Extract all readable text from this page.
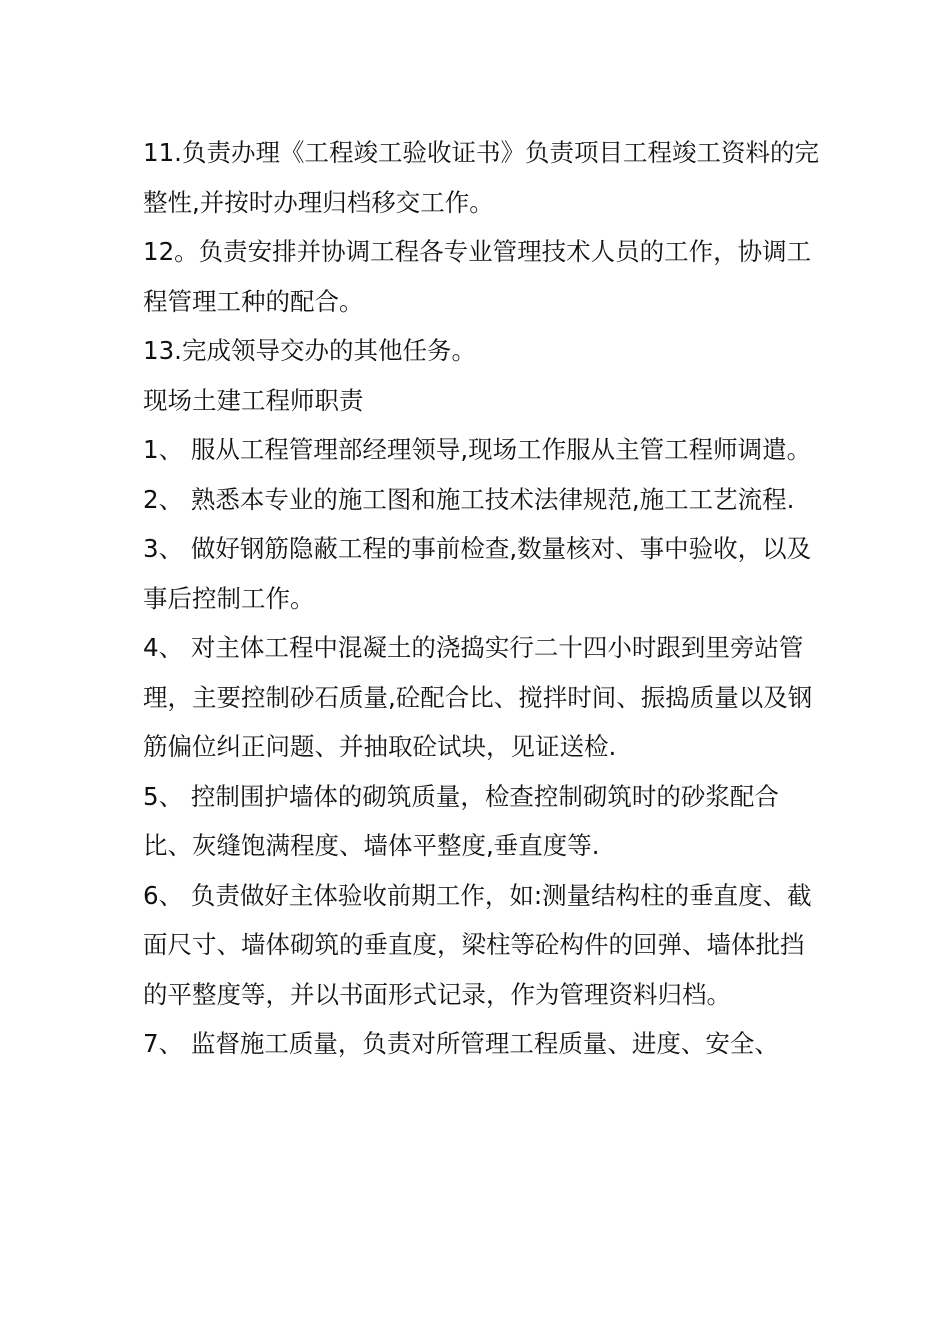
11.负责办理《工程竣工验收证书》负责项目工程竣工资料的完整性,并按时办理归档移交工作。

12。负责安排并协调工程各专业管理技术人员的工作，协调工程管理工种的配合。

13.完成领导交办的其他任务。

现场土建工程师职责

1、 服从工程管理部经理领导,现场工作服从主管工程师调遣。

2、 熟悉本专业的施工图和施工技术法律规范,施工工艺流程.

3、 做好钢筋隐蔽工程的事前检查,数量核对、事中验收，以及事后控制工作。

4、 对主体工程中混凝土的浇捣实行二十四小时跟到里旁站管理，主要控制砂石质量,砼配合比、搅拌时间、振捣质量以及钢筋偏位纠正问题、并抽取砼试块，见证送检.

5、 控制围护墙体的砌筑质量，检查控制砌筑时的砂浆配合比、灰缝饱满程度、墙体平整度,垂直度等.

6、 负责做好主体验收前期工作，如:测量结构柱的垂直度、截面尺寸、墙体砌筑的垂直度，梁柱等砼构件的回弹、墙体批挡的平整度等，并以书面形式记录，作为管理资料归档。

7、 监督施工质量，负责对所管理工程质量、进度、安全、
